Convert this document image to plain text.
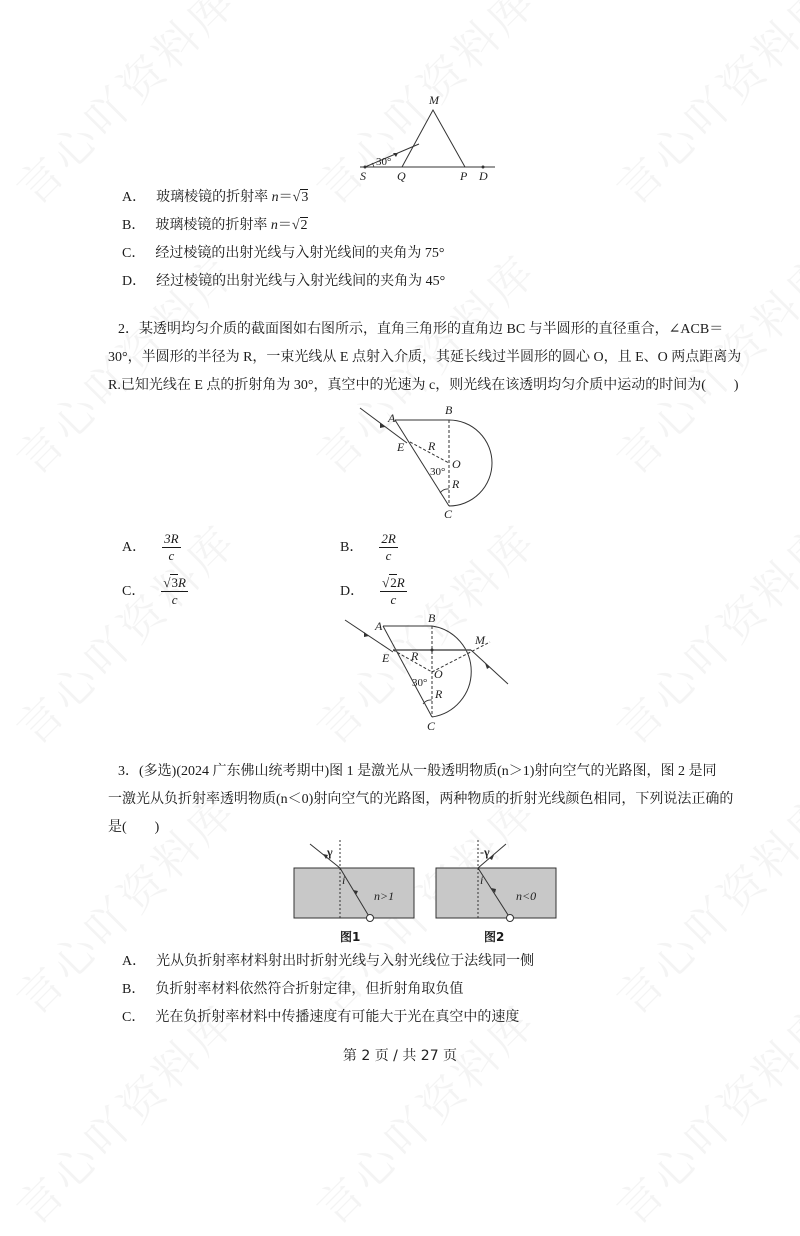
M
30°
S	Q	P D
A． 玻璃棱镜的折射率 n＝√3
B． 玻璃棱镜的折射率 n＝√2
C． 经过棱镜的出射光线与入射光线间的夹角为 75°
D． 经过棱镜的出射光线与入射光线间的夹角为 45°
2．某透明均匀介质的截面图如右图所示，直角三角形的直角边 BC 与半圆形的直径重合，∠ACB＝
30°，半圆形的半径为 R，一束光线从 E 点射入介质，其延长线过半圆形的圆心 O，且 E、O 两点距离为
R.已知光线在 E 点的折射角为 30°，真空中的光速为 c，则光线在该透明均匀介质中运动的时间为(　　)
A
B
E R
O
30°
R
C
A． $\frac{3R}{c}$	B． $\frac{2R}{c}$
C． $\frac{√3R}{c}$	D． $\frac{√2R}{c}$
A
B
M
E R
O
30°
R
C
3．(多选)(2024 广东佛山统考期中)图 1 是激光从一般透明物质(n＞1)射向空气的光路图，图 2 是同
一激光从负折射率透明物质(n＜0)射向空气的光路图，两种物质的折射光线颜色相同，下列说法正确的
是(　　)
γ
i
n>1
图1
-γ
i
n<0
图2
A． 光从负折射率材料射出时折射光线与入射光线位于法线同一侧
B． 负折射率材料依然符合折射定律，但折射角取负值
C． 光在负折射率材料中传播速度有可能大于光在真空中的速度
第 2 页 / 共 27 页
